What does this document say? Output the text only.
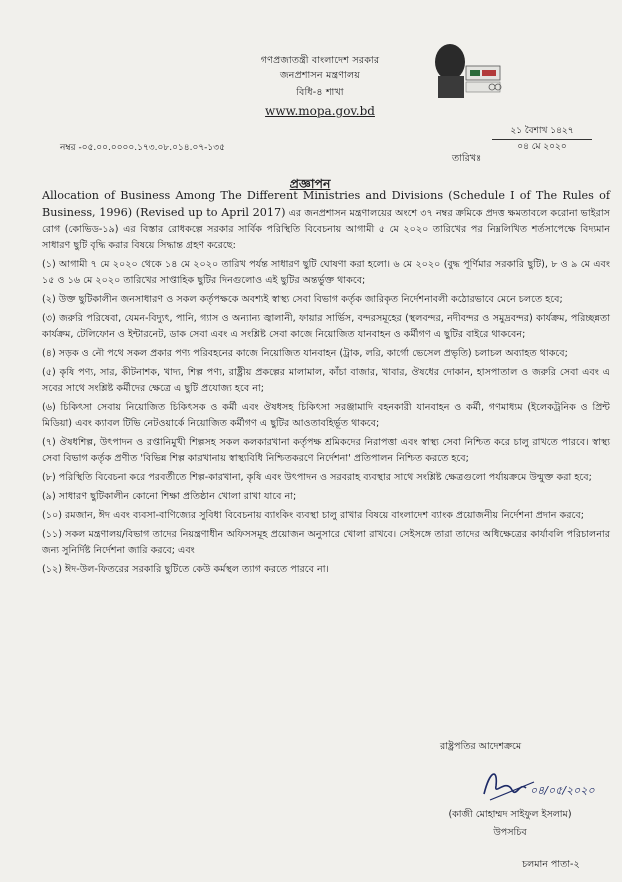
গণপ্রজাতন্ত্রী বাংলাদেশ সরকার
জনপ্রশাসন মন্ত্রণালয়
বিধি-৪ শাখা
www.mopa.gov.bd
নম্বর -০৫.০০.০০০০.১৭৩.০৮.০১৪.০৭-১৩৫
তারিখঃ
২১ বৈশাখ ১৪২৭
০৪ মে ২০২০
প্রজ্ঞাপন

Allocation of Business Among The Different Ministries and Divisions (Schedule I of The Rules of Business, 1996) (Revised up to April 2017) এর জনপ্রশাসন মন্ত্রণালয়ের অংশে ৩৭ নম্বর ক্রমিকে প্রদত্ত ক্ষমতাবলে করোনা ভাইরাস রোগ (কোভিড-১৯) এর বিস্তার রোধকল্পে সরকার সার্বিক পরিস্থিতি বিবেচনায় আগামী ৫ মে ২০২০ তারিখের পর নিম্নলিখিত শর্তসাপেক্ষে বিদ্যমান সাধারণ ছুটি বৃদ্ধি করার বিষয়ে সিদ্ধান্ত গ্রহণ করেছে:

(১) আগামী ৭ মে ২০২০ থেকে ১৪ মে ২০২০ তারিখ পর্যন্ত সাধারণ ছুটি ঘোষণা করা হলো। ৬ মে ২০২০ (বুদ্ধ পূর্ণিমার সরকারি ছুটি), ৮ ও ৯ মে এবং ১৫ ও ১৬ মে ২০২০ তারিখের সাপ্তাহিক ছুটির দিনগুলোও এই ছুটির অন্তর্ভুক্ত থাকবে;

(২) উক্ত ছুটিকালীন জনসাধারণ ও সকল কর্তৃপক্ষকে অবশ্যই স্বাস্থ্য সেবা বিভাগ কর্তৃক জারিকৃত নির্দেশনাবলী কঠোরভাবে মেনে চলতে হবে;

(৩) জরুরি পরিষেবা, যেমন-বিদ্যুৎ, পানি, গ্যাস ও অন্যান্য জ্বালানী, ফায়ার সার্ভিস, বন্দরসমূহের (স্থলবন্দর, নদীবন্দর ও সমুদ্রবন্দর) কার্যক্রম, পরিচ্ছন্নতা কার্যক্রম, টেলিফোন ও ইন্টারনেট, ডাক সেবা এবং এ সংশ্লিষ্ট সেবা কাজে নিয়োজিত যানবাহন ও কর্মীগণ এ ছুটির বাইরে থাকবেন;

(৪) সড়ক ও নৌ পথে সকল প্রকার পণ্য পরিবহনের কাজে নিয়োজিত যানবাহন (ট্রাক, লরি, কার্গো ভেসেল প্রভৃতি) চলাচল অব্যাহত থাকবে;

(৫) কৃষি পণ্য, সার, কীটনাশক, খাদ্য, শিল্প পণ্য, রাষ্ট্রীয় প্রকল্পের মালামাল, কাঁচা বাজার, খাবার, ঔষধের দোকান, হাসপাতাল ও জরুরি সেবা এবং এ সবের সাথে সংশ্লিষ্ট কর্মীদের ক্ষেত্রে এ ছুটি প্রযোজ্য হবে না;

(৬) চিকিৎসা সেবায় নিয়োজিত চিকিৎসক ও কর্মী এবং ঔষধসহ চিকিৎসা সরঞ্জামাদি বহনকারী যানবাহন ও কর্মী, গণমাধ্যম (ইলেকট্রনিক ও প্রিন্ট মিডিয়া) এবং ক্যাবল টিভি নেটওয়ার্কে নিয়োজিত কর্মীগণ এ ছুটির আওতাবহির্ভূত থাকবে;

(৭) ঔষধশিল্প, উৎপাদন ও রপ্তানিমুখী শিল্পসহ সকল কলকারখানা কর্তৃপক্ষ শ্রমিকদের নিরাপত্তা এবং স্বাস্থ্য সেবা নিশ্চিত করে চালু রাখতে পারবে। স্বাস্থ্য সেবা বিভাগ কর্তৃক প্রণীত 'বিভিন্ন শিল্প কারখানায় স্বাস্থ্যবিধি নিশ্চিতকরণে নির্দেশনা' প্রতিপালন নিশ্চিত করতে হবে;

(৮) পরিস্থিতি বিবেচনা করে পরবর্তীতে শিল্প-কারখানা, কৃষি এবং উৎপাদন ও সরবরাহ ব্যবস্থার সাথে সংশ্লিষ্ট ক্ষেত্রগুলো পর্যায়ক্রমে উন্মুক্ত করা হবে;

(৯) সাধারণ ছুটিকালীন কোনো শিক্ষা প্রতিষ্ঠান খোলা রাখা যাবে না;

(১০) রমজান, ঈদ এবং ব্যবসা-বাণিজ্যের সুবিধা বিবেচনায় ব্যাংকিং ব্যবস্থা চালু রাখার বিষয়ে বাংলাদেশ ব্যাংক প্রয়োজনীয় নির্দেশনা প্রদান করবে;

(১১) সকল মন্ত্রণালয়/বিভাগ তাদের নিয়ন্ত্রণাধীন অফিসসমূহ প্রয়োজন অনুসারে খোলা রাখবে। সেইসঙ্গে তারা তাদের অধিক্ষেত্রের কার্যাবলি পরিচালনার জন্য সুনির্দিষ্ট নির্দেশনা জারি করবে; এবং

(১২) ঈদ-উল-ফিতরের সরকারি ছুটিতে কেউ কর্মস্থল ত্যাগ করতে পারবে না।

রাষ্ট্রপতির আদেশক্রমে
০৪/০৫/২০২০
(কাজী মোহাম্মদ সাইফুল ইসলাম)
উপসচিব
চলমান পাতা-২
